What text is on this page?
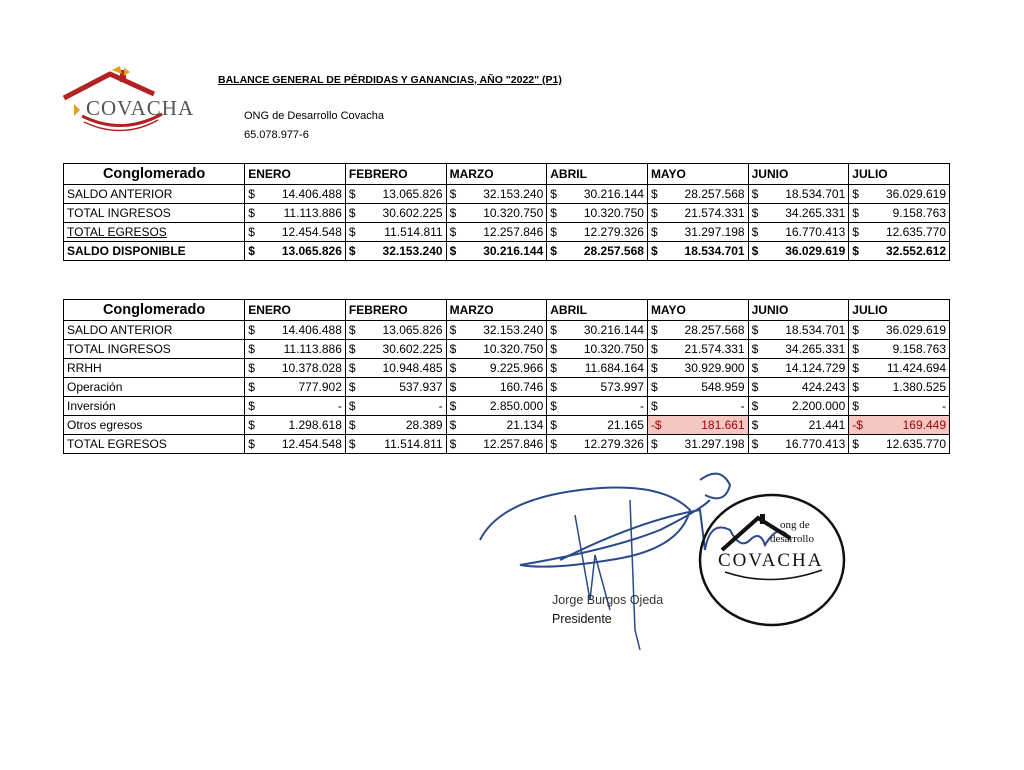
COVACHA
BALANCE GENERAL DE PÉRDIDAS Y GANANCIAS, AÑO "2022" (P1)
ONG de Desarrollo Covacha
65.078.977-6
Conglomerado	ENERO		FEBRERO		MARZO		ABRIL		MAYO		JUNIO		JULIO	
SALDO ANTERIOR	$	14.406.488	$	13.065.826	$	32.153.240	$	30.216.144	$	28.257.568	$	18.534.701	$	36.029.619
TOTAL INGRESOS	$	11.113.886	$	30.602.225	$	10.320.750	$	10.320.750	$	21.574.331	$	34.265.331	$	9.158.763
TOTAL EGRESOS	$	12.454.548	$	11.514.811	$	12.257.846	$	12.279.326	$	31.297.198	$	16.770.413	$	12.635.770
SALDO DISPONIBLE	$	13.065.826	$	32.153.240	$	30.216.144	$	28.257.568	$	18.534.701	$	36.029.619	$	32.552.612
Conglomerado	ENERO		FEBRERO		MARZO		ABRIL		MAYO		JUNIO		JULIO	
SALDO ANTERIOR	$	14.406.488	$	13.065.826	$	32.153.240	$	30.216.144	$	28.257.568	$	18.534.701	$	36.029.619
TOTAL INGRESOS	$	11.113.886	$	30.602.225	$	10.320.750	$	10.320.750	$	21.574.331	$	34.265.331	$	9.158.763
RRHH	$	10.378.028	$	10.948.485	$	9.225.966	$	11.684.164	$	30.929.900	$	14.124.729	$	11.424.694
Operación	$	777.902	$	537.937	$	160.746	$	573.997	$	548.959	$	424.243	$	1.380.525
Inversión	$	-	$	-	$	2.850.000	$	-	$	-	$	2.200.000	$	-
Otros egresos	$	1.298.618	$	28.389	$	21.134	$	21.165	-$	181.661	$	21.441	-$	169.449
TOTAL EGRESOS	$	12.454.548	$	11.514.811	$	12.257.846	$	12.279.326	$	31.297.198	$	16.770.413	$	12.635.770
ong de
desarrollo
COVACHA
Jorge Burgos Ojeda
Presidente
